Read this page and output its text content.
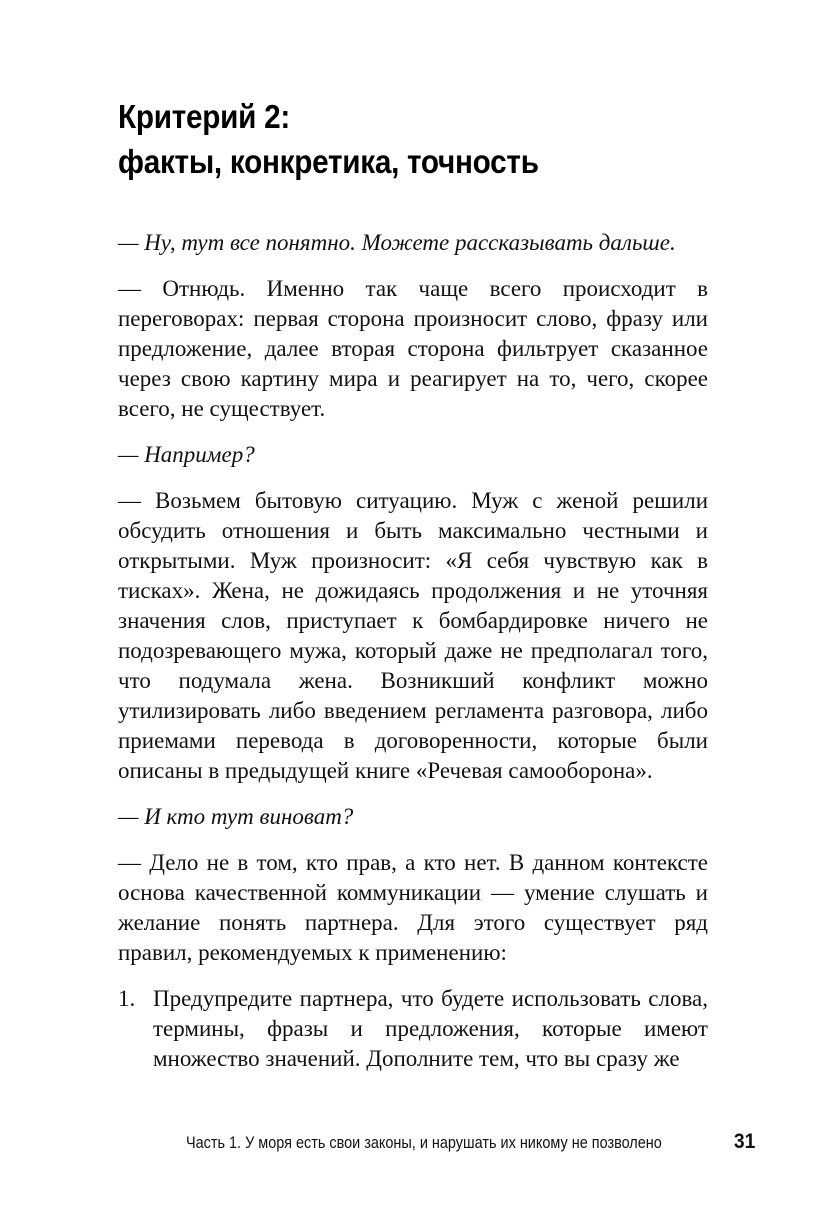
Критерий 2:
факты, конкретика, точность

— Ну, тут все понятно. Можете рассказывать дальше.

— Отнюдь. Именно так чаще всего происходит в переговорах: первая сторона произносит слово, фразу или предложение, далее вторая сторона фильтрует сказанное через свою картину мира и реагирует на то, чего, скорее всего, не существует.

— Например?

— Возьмем бытовую ситуацию. Муж с женой решили обсудить отношения и быть максимально честными и открытыми. Муж произносит: «Я себя чувствую как в тисках». Жена, не дожидаясь продолжения и не уточняя значения слов, приступает к бомбардировке ничего не подозревающего мужа, который даже не предполагал того, что подумала жена. Возникший конфликт можно утилизировать либо введением регламента разговора, либо приемами перевода в договоренности, которые были описаны в предыдущей книге «Речевая самооборона».

— И кто тут виноват?

— Дело не в том, кто прав, а кто нет. В данном контексте основа качественной коммуникации — умение слушать и желание понять партнера. Для этого существует ряд правил, рекомендуемых к применению:

1. Предупредите партнера, что будете использовать слова, термины, фразы и предложения, которые имеют множество значений. Дополните тем, что вы сразу же
Часть 1. У моря есть свои законы, и нарушать их никому не позволено	31
